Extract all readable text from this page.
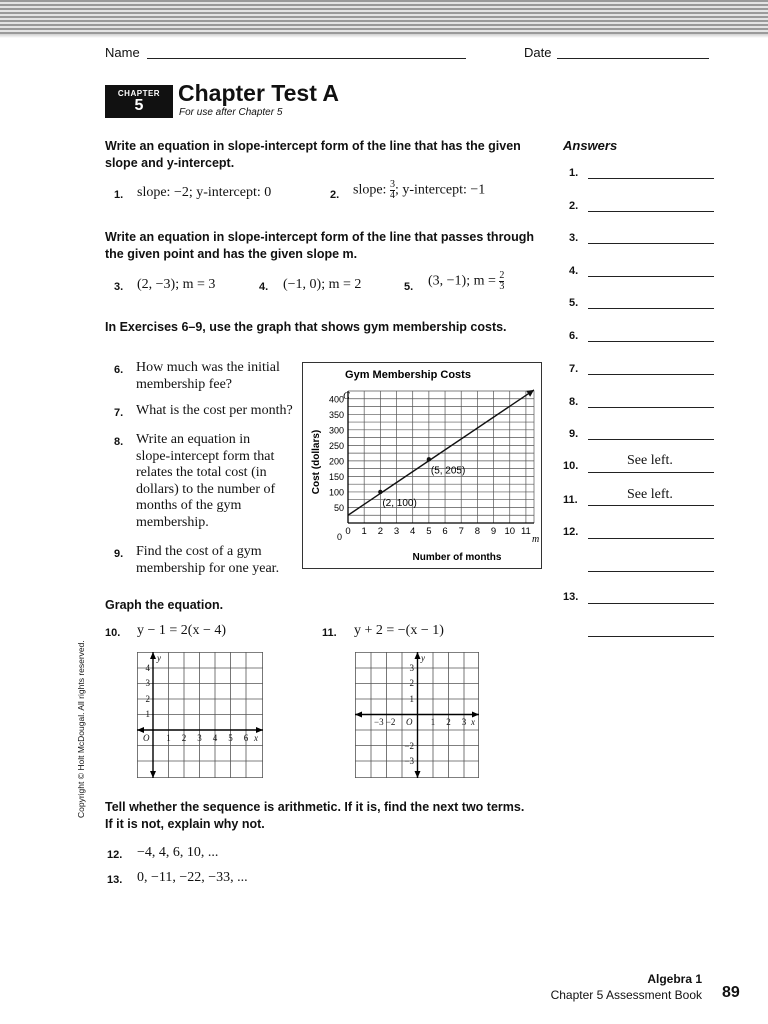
Name	Date
CHAPTER
5	Chapter Test A
For use after Chapter 5
Write an equation in slope-intercept form of the line that has the given slope and y-intercept.
1. slope: −2; y-intercept: 0	2. slope: $\frac{3}{4}$ ; y-intercept: −1
Write an equation in slope-intercept form of the line that passes through the given point and has the given slope m.
3. (2, −3); m = 3	4. (−1, 0); m = 2	5. (3, −1); $m = \frac{2}{3}$
In Exercises 6–9, use the graph that shows gym membership costs.
6. How much was the initial
membership fee?
7. What is the cost per month?
8. Write an equation in
slope-intercept form that
relates the total cost (in
dollars) to the number of
months of the gym
membership.
9. Find the cost of a gym
membership for one year.
Gym Membership Costs
C
m
Number of months
Cost (dollars)
0 0 1 2 3 4 5 6 7 8 9 10 11
50
100
150
200
250
300
350
400
(2, 100)
(5, 205)
Graph the equation.
10. y − 1 = 2(x − 4)	11. y + 2 = −(x − 1)
y
4
3
2
1
O 1 2 3 4 5 6 x
y
3
2
1
−2
−3
−3 −2 O 1 2 3 x
Tell whether the sequence is arithmetic. If it is, find the next two terms. If it is not, explain why not.
12. −4, 4, 6, 10, ...
13. 0, −11, −22, −33, ...
Answers
1.
2.
3.
4.
5.
6.
7.
8.
9.
10.	See left.
11.	See left.
12.
13.
Copyright © Holt McDougal. All rights reserved.
Algebra 1
Chapter 5 Assessment Book 89
